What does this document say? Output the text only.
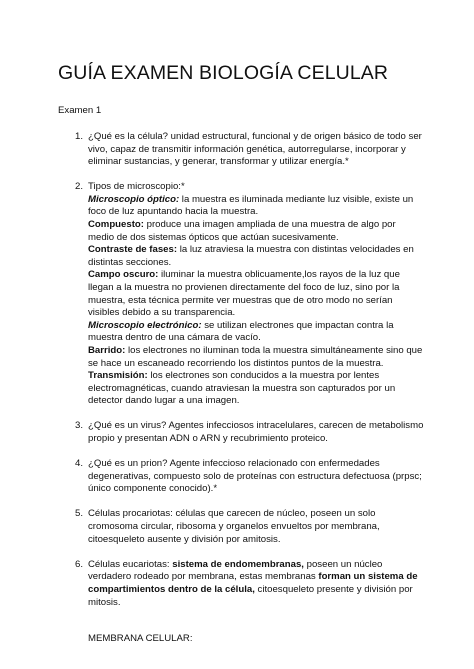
GUÍA EXAMEN BIOLOGÍA CELULAR
Examen 1
1. ¿Qué es la célula? unidad estructural, funcional y de origen básico de todo ser vivo, capaz de transmitir información genética, autorregularse, incorporar y eliminar sustancias, y generar, transformar y utilizar energía.*
2. Tipos de microscopio:*
Microscopio óptico: la muestra es iluminada mediante luz visible, existe un foco de luz apuntando hacia la muestra.
Compuesto: produce una imagen ampliada de una muestra de algo por medio de dos sistemas ópticos que actúan sucesivamente.
Contraste de fases: la luz atraviesa la muestra con distintas velocidades en distintas secciones.
Campo oscuro: iluminar la muestra oblicuamente,los rayos de la luz que llegan a la muestra no provienen directamente del foco de luz, sino por la muestra, esta técnica permite ver muestras que de otro modo no serían visibles debido a su transparencia.
Microscopio electrónico: se utilizan electrones que impactan contra la muestra dentro de una cámara de vacío.
Barrido: los electrones no iluminan toda la muestra simultáneamente sino que se hace un escaneado recorriendo los distintos puntos de la muestra.
Transmisión: los electrones son conducidos a la muestra por lentes electromagnéticas, cuando atraviesan la muestra son capturados por un detector dando lugar a una imagen.
3. ¿Qué es un virus? Agentes infecciosos intracelulares, carecen de metabolismo propio y presentan ADN o ARN y recubrimiento proteico.
4. ¿Qué es un prion? Agente infeccioso relacionado con enfermedades degenerativas, compuesto solo de proteínas con estructura defectuosa (prpsc; único componente conocido).*
5. Células procariotas: células que carecen de núcleo, poseen un solo cromosoma circular, ribosoma y organelos envueltos por membrana, citoesqueleto ausente y división por amitosis.
6. Células eucariotas: sistema de endomembranas, poseen un núcleo verdadero rodeado por membrana, estas membranas forman un sistema de compartimientos dentro de la célula, citoesqueleto presente y división por mitosis.
MEMBRANA CELULAR:
